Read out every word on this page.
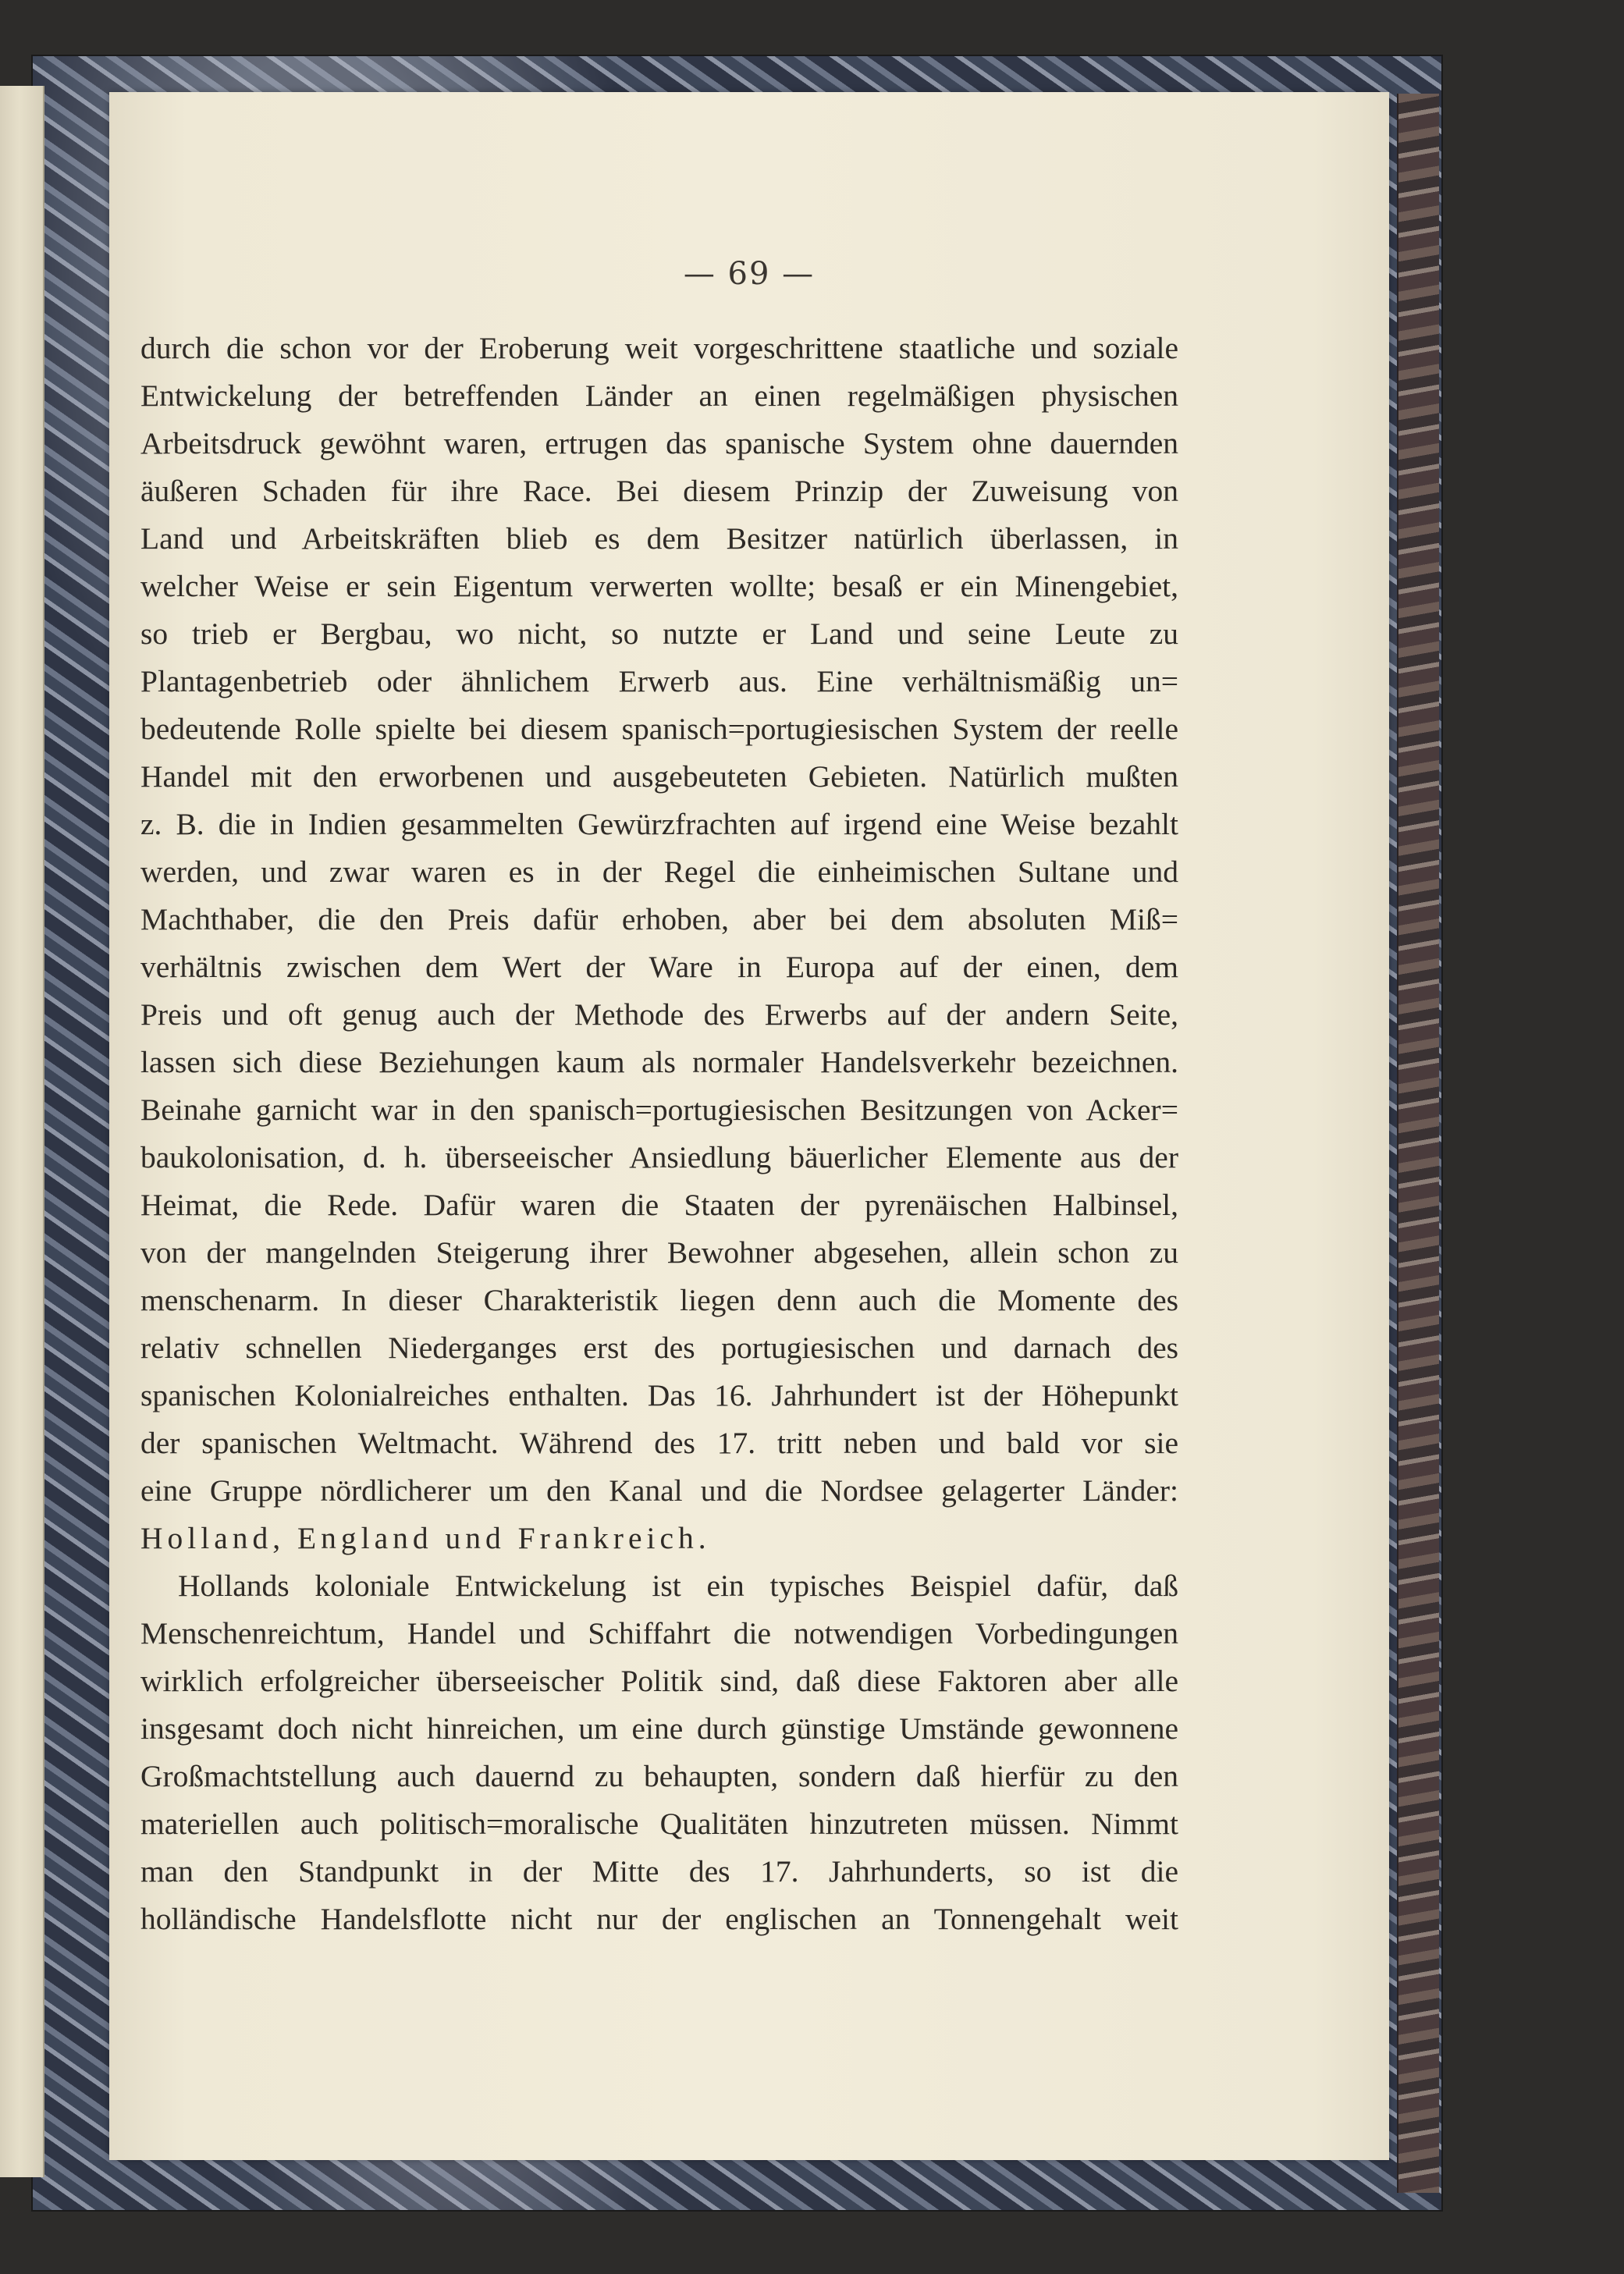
— 69 —
durch die schon vor der Eroberung weit vorgeschrittene staatliche und soziale
Entwickelung der betreffenden Länder an einen regelmäßigen physischen
Arbeitsdruck gewöhnt waren, ertrugen das spanische System ohne dauernden
äußeren Schaden für ihre Race. Bei diesem Prinzip der Zuweisung von
Land und Arbeitskräften blieb es dem Besitzer natürlich überlassen, in
welcher Weise er sein Eigentum verwerten wollte; besaß er ein Minengebiet,
so trieb er Bergbau, wo nicht, so nutzte er Land und seine Leute zu
Plantagenbetrieb oder ähnlichem Erwerb aus. Eine verhältnismäßig un=
bedeutende Rolle spielte bei diesem spanisch=portugiesischen System der reelle
Handel mit den erworbenen und ausgebeuteten Gebieten. Natürlich mußten
z. B. die in Indien gesammelten Gewürzfrachten auf irgend eine Weise bezahlt
werden, und zwar waren es in der Regel die einheimischen Sultane und
Machthaber, die den Preis dafür erhoben, aber bei dem absoluten Miß=
verhältnis zwischen dem Wert der Ware in Europa auf der einen, dem
Preis und oft genug auch der Methode des Erwerbs auf der andern Seite,
lassen sich diese Beziehungen kaum als normaler Handelsverkehr bezeichnen.
Beinahe garnicht war in den spanisch=portugiesischen Besitzungen von Acker=
baukolonisation, d. h. überseeischer Ansiedlung bäuerlicher Elemente aus der
Heimat, die Rede. Dafür waren die Staaten der pyrenäischen Halbinsel,
von der mangelnden Steigerung ihrer Bewohner abgesehen, allein schon zu
menschenarm. In dieser Charakteristik liegen denn auch die Momente des
relativ schnellen Niederganges erst des portugiesischen und darnach des
spanischen Kolonialreiches enthalten. Das 16. Jahrhundert ist der Höhepunkt
der spanischen Weltmacht. Während des 17. tritt neben und bald vor sie
eine Gruppe nördlicherer um den Kanal und die Nordsee gelagerter Länder:
Holland, England und Frankreich.
Hollands koloniale Entwickelung ist ein typisches Beispiel dafür, daß
Menschenreichtum, Handel und Schiffahrt die notwendigen Vorbedingungen
wirklich erfolgreicher überseeischer Politik sind, daß diese Faktoren aber alle
insgesamt doch nicht hinreichen, um eine durch günstige Umstände gewonnene
Großmachtstellung auch dauernd zu behaupten, sondern daß hierfür zu den
materiellen auch politisch=moralische Qualitäten hinzutreten müssen. Nimmt
man den Standpunkt in der Mitte des 17. Jahrhunderts, so ist die
holländische Handelsflotte nicht nur der englischen an Tonnengehalt weit
